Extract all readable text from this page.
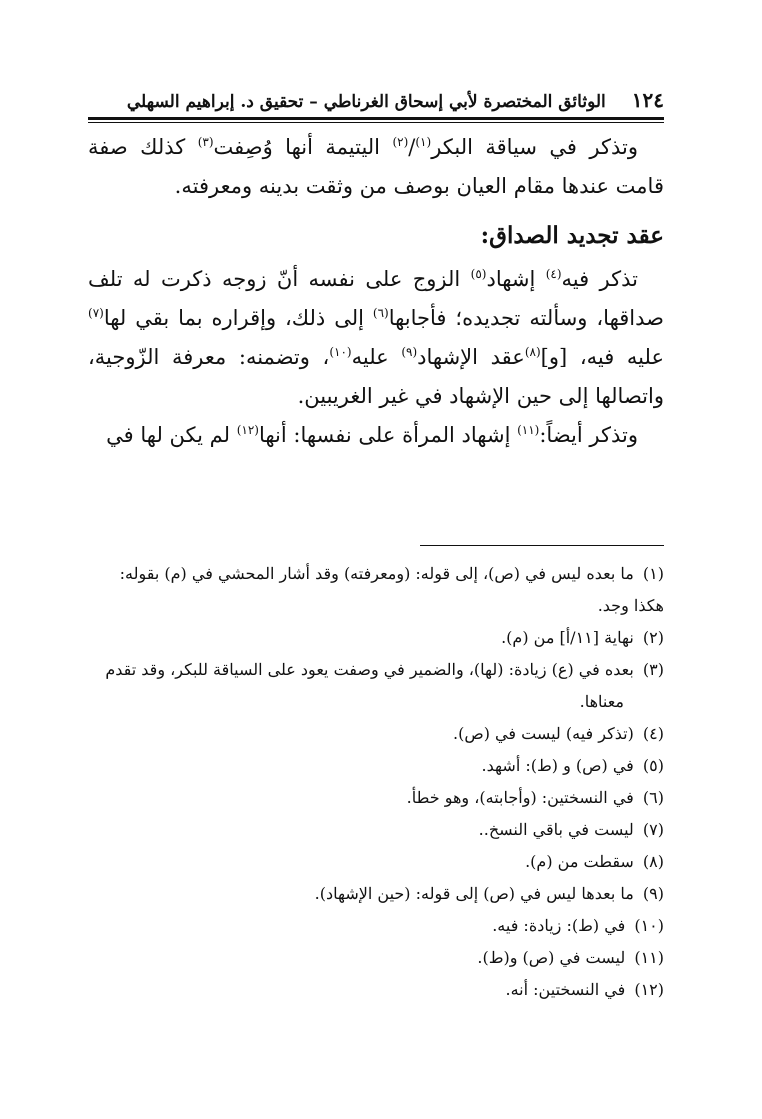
١٢٤
الوثائق المختصرة لأبي إسحاق الغرناطي – تحقيق د. إبراهيم السهلي

وتذكر في سياقة البكر$^{(١)}$/$^{(٢)}$ اليتيمة أنها وُصِفت$^{(٣)}$ كذلك صفة قامت عندها مقام العيان بوصف من وثقت بدينه ومعرفته.

عقد تجديد الصداق:

تذكر فيه$^{(٤)}$ إشهاد$^{(٥)}$ الزوج على نفسه أنّ زوجه ذكرت له تلف صداقها، وسألته تجديده؛ فأجابها$^{(٦)}$ إلى ذلك، وإقراره بما بقي لها$^{(٧)}$ عليه فيه، [و]$^{(٨)}$عقد الإشهاد$^{(٩)}$ عليه$^{(١٠)}$، وتضمنه: معرفة الزّوجية، واتصالها إلى حين الإشهاد في غير الغريبين.

وتذكر أيضاً:$^{(١١)}$ إشهاد المرأة على نفسها: أنها$^{(١٢)}$ لم يكن لها في

(١) ما بعده ليس في (ص)، إلى قوله: (ومعرفته) وقد أشار المحشي في (م) بقوله: هكذا وجد.

(٢) نهاية [١١/أ] من (م).

(٣) بعده في (ع) زيادة: (لها)، والضمير في وصفت يعود على السياقة للبكر، وقد تقدم

معناها.

(٤) (تذكر فيه) ليست في (ص).

(٥) في (ص) و (ط): أشهد.

(٦) في النسختين: (وأجابته)، وهو خطأ.

(٧) ليست في باقي النسخ..

(٨) سقطت من (م).

(٩) ما بعدها ليس في (ص) إلى قوله: (حين الإشهاد).

(١٠) في (ط): زيادة: فيه.

(١١) ليست في (ص) و(ط).

(١٢) في النسختين: أنه.
